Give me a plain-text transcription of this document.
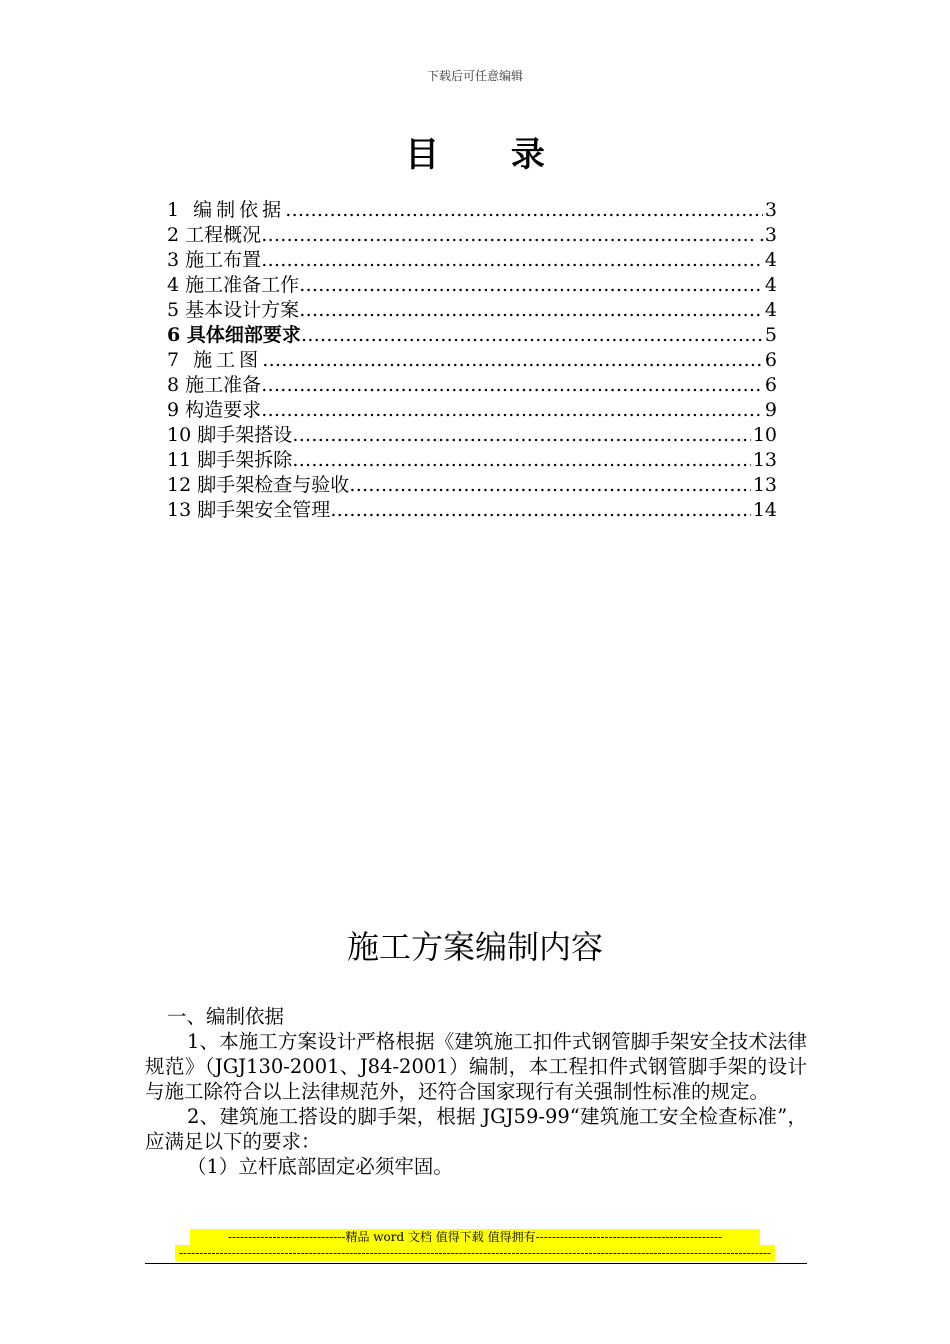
下载后可任意编辑
目 录
1 编制依据 ……………………………………………………………………………………………………………………	3
2 工程概况 ……………………………………………………………………………………………………………………	.3
3 施工布置 ……………………………………………………………………………………………………………………	4
4 施工准备工作 ……………………………………………………………………………………………………………………	4
5 基本设计方案 ……………………………………………………………………………………………………………………	4
6 具体细部要求 ……………………………………………………………………………………………………………………	5
7 施工图 ……………………………………………………………………………………………………………………	6
8 施工准备 ……………………………………………………………………………………………………………………	6
9 构造要求 ……………………………………………………………………………………………………………………	9
10 脚手架搭设 ……………………………………………………………………………………………………………………	10
11 脚手架拆除 ……………………………………………………………………………………………………………………	13
12 脚手架检查与验收 ……………………………………………………………………………………………………………………	13
13 脚手架安全管理 ……………………………………………………………………………………………………………………	14
施工方案编制内容

一、编制依据

1、本施工方案设计严格根据《建筑施工扣件式钢管脚手架安全技术法律规范》（JGJ130-2001、J84-2001）编制，本工程扣件式钢管脚手架的设计与施工除符合以上法律规范外，还符合国家现行有关强制性标准的规定。

2、建筑施工搭设的脚手架，根据 JGJ59-99“建筑施工安全检查标准”，应满足以下的要求：

（1）立杆底部固定必须牢固。

-----------------------------精品 word 文档 值得下载 值得拥有----------------------------------------------
--------------------------------------------------------------------------------------------------------------------------------------------------
